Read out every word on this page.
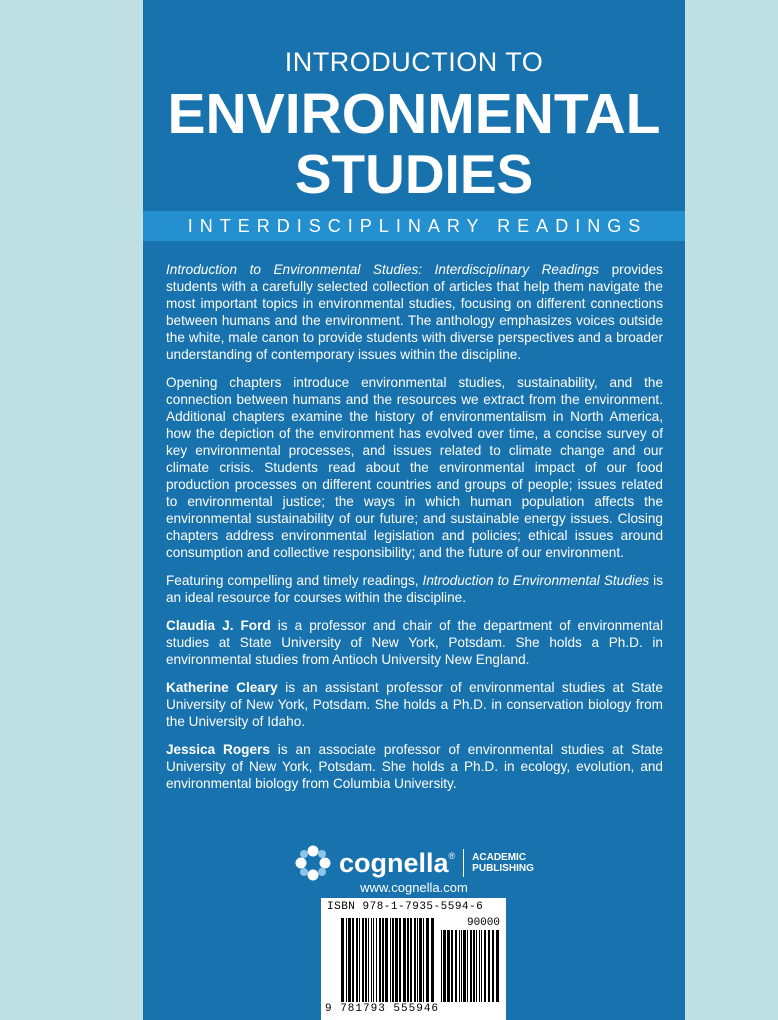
INTRODUCTION TO
ENVIRONMENTAL
STUDIES
INTERDISCIPLINARY READINGS

Introduction to Environmental Studies: Interdisciplinary Readings provides students with a carefully selected collection of articles that help them navigate the most important topics in environmental studies, focusing on different connections between humans and the environment. The anthology emphasizes voices outside the white, male canon to provide students with diverse perspectives and a broader understanding of contemporary issues within the discipline.

Opening chapters introduce environmental studies, sustainability, and the connection between humans and the resources we extract from the environment. Additional chapters examine the history of environmentalism in North America, how the depiction of the environment has evolved over time, a concise survey of key environmental processes, and issues related to climate change and our climate crisis. Students read about the environmental impact of our food production processes on different countries and groups of people; issues related to environmental justice; the ways in which human population affects the environmental sustainability of our future; and sustainable energy issues. Closing chapters address environmental legislation and policies; ethical issues around consumption and collective responsibility; and the future of our environment.

Featuring compelling and timely readings, Introduction to Environmental Studies is an ideal resource for courses within the discipline.

Claudia J. Ford is a professor and chair of the department of environmental studies at State University of New York, Potsdam. She holds a Ph.D. in environmental studies from Antioch University New England.

Katherine Cleary is an assistant professor of environmental studies at State University of New York, Potsdam. She holds a Ph.D. in conservation biology from the University of Idaho.

Jessica Rogers is an associate professor of environmental studies at State University of New York, Potsdam. She holds a Ph.D. in ecology, evolution, and environmental biology from Columbia University.

cognella ® ACADEMIC
PUBLISHING
www.cognella.com
ISBN 978-1-7935-5594-6
90000
9 781793 555946
